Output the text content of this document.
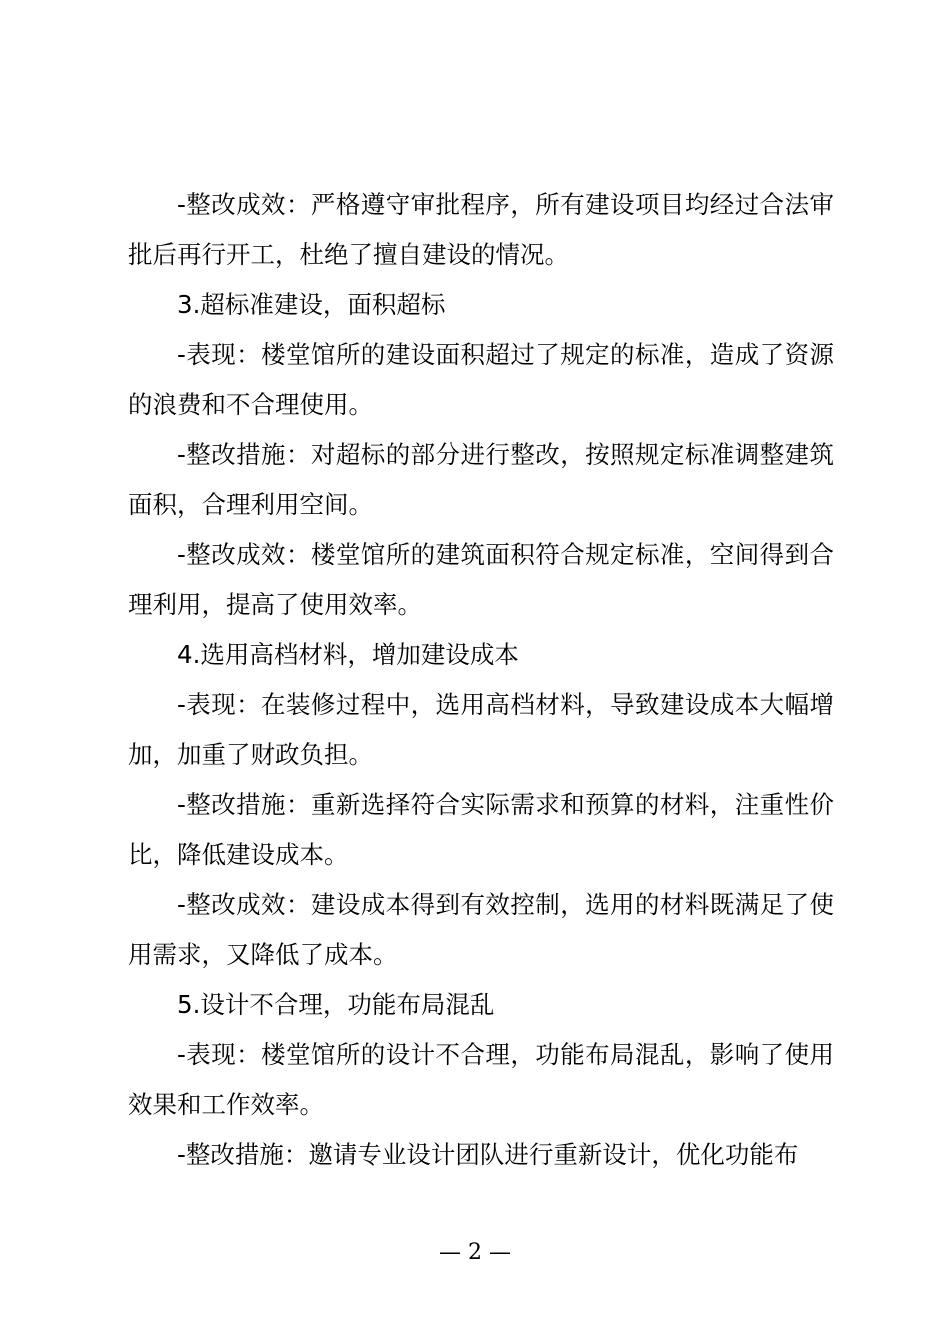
-整改成效：严格遵守审批程序，所有建设项目均经过合法审批后再行开工，杜绝了擅自建设的情况。

3.超标准建设，面积超标

-表现：楼堂馆所的建设面积超过了规定的标准，造成了资源的浪费和不合理使用。

-整改措施：对超标的部分进行整改，按照规定标准调整建筑面积，合理利用空间。

-整改成效：楼堂馆所的建筑面积符合规定标准，空间得到合理利用，提高了使用效率。

4.选用高档材料，增加建设成本

-表现：在装修过程中，选用高档材料，导致建设成本大幅增加，加重了财政负担。

-整改措施：重新选择符合实际需求和预算的材料，注重性价比，降低建设成本。

-整改成效：建设成本得到有效控制，选用的材料既满足了使用需求，又降低了成本。

5.设计不合理，功能布局混乱

-表现：楼堂馆所的设计不合理，功能布局混乱，影响了使用效果和工作效率。

-整改措施：邀请专业设计团队进行重新设计，优化功能布

— 2 —
